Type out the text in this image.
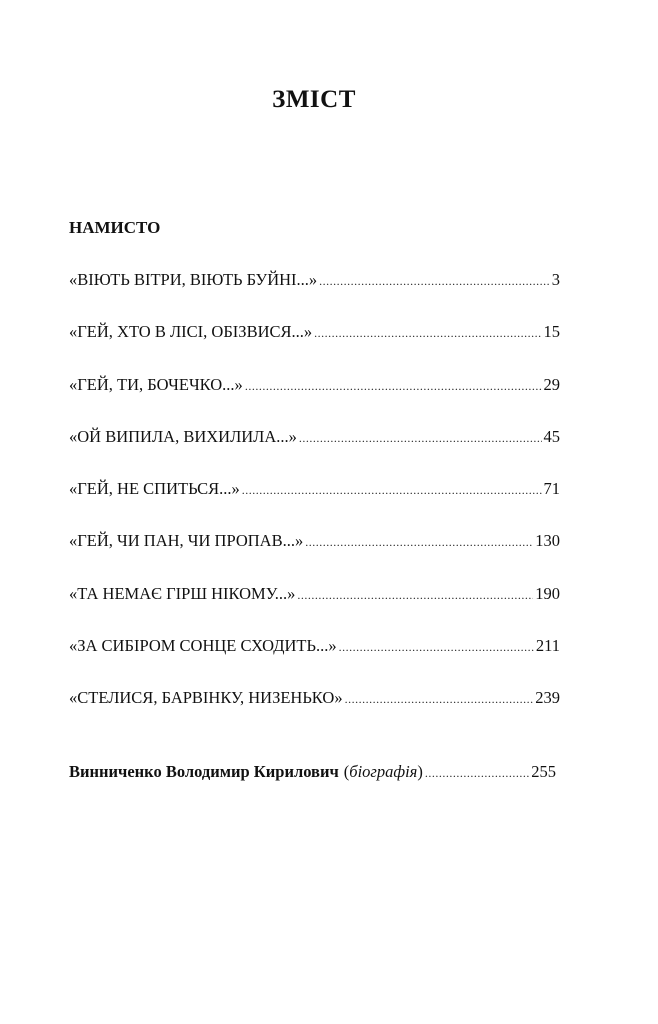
ЗМІСТ
НАМИСТО
«ВІЮТЬ ВІТРИ, ВІЮТЬ БУЙНІ...» .....	3
«ГЕЙ, ХТО В ЛІСІ, ОБІЗВИСЯ...» .....	15
«ГЕЙ, ТИ, БОЧЕЧКО...» .....	29
«ОЙ ВИПИЛА, ВИХИЛИЛА...» .....	45
«ГЕЙ, НЕ СПИТЬСЯ...» .....	71
«ГЕЙ, ЧИ ПАН, ЧИ ПРОПАВ...» .....	130
«ТА НЕМАЄ ГІРШ НІКОМУ...» .....	190
«ЗА СИБІРОМ СОНЦЕ СХОДИТЬ...» .....	211
«СТЕЛИСЯ, БАРВІНКУ, НИЗЕНЬКО» .....	239
Винниченко Володимир Кирилович ( біографія ) .....	255
